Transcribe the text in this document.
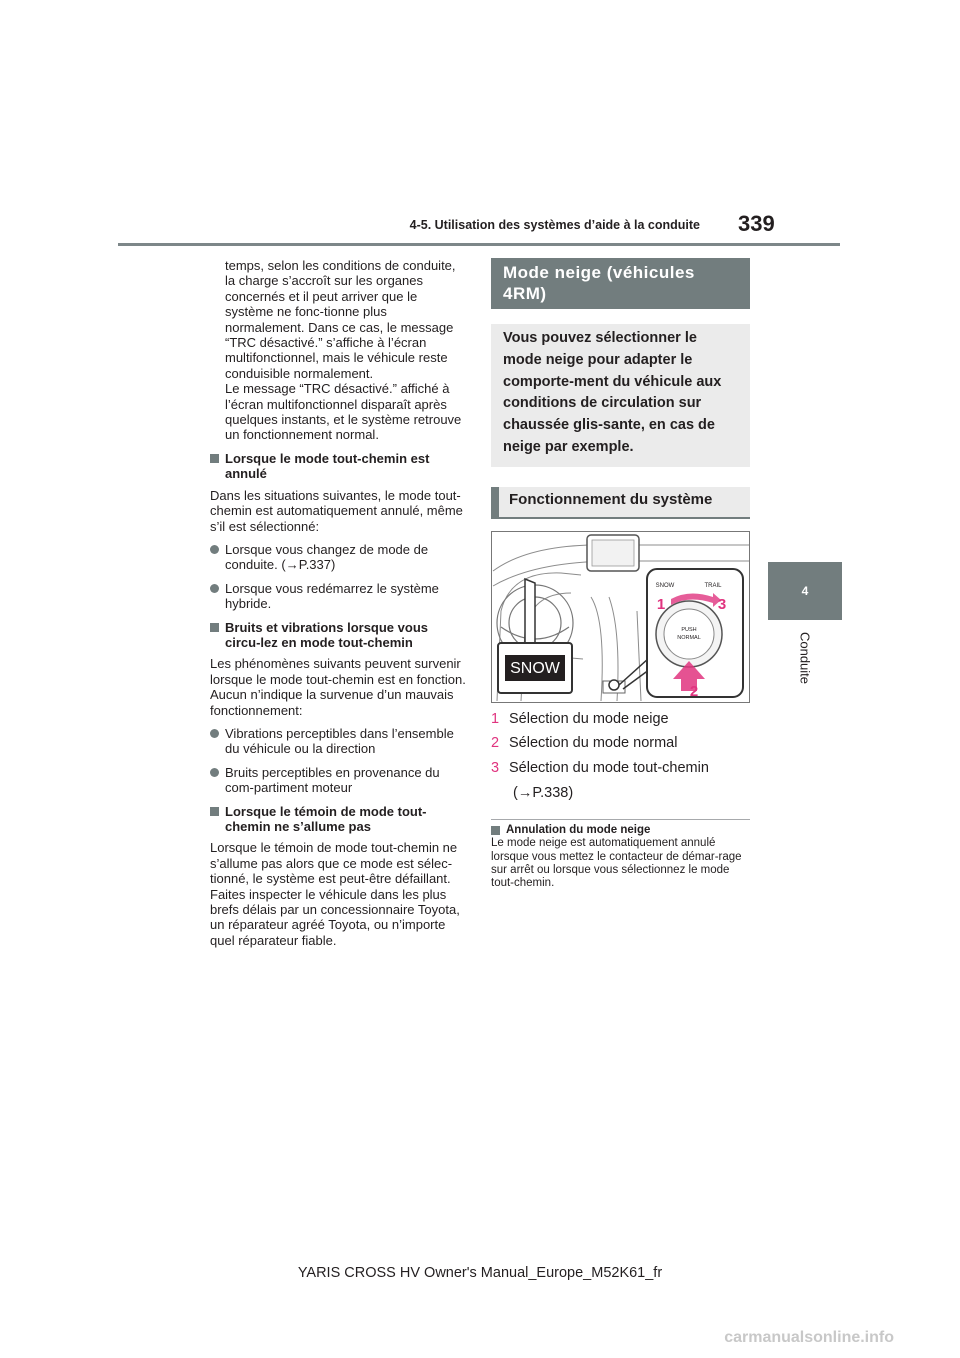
4-5. Utilisation des systèmes d’aide à la conduite 339
4
Conduite
temps, selon les conditions de conduite, la charge s’accroît sur les organes concernés et il peut arriver que le système ne fonc-tionne plus normalement. Dans ce cas, le message “TRC désactivé.” s’affiche à l’écran multifonctionnel, mais le véhicule reste conduisible normalement.
Le message “TRC désactivé.” affiché à l’écran multifonctionnel disparaît après quelques instants, et le système retrouve un fonctionnement normal.
Lorsque le mode tout-chemin est annulé
Dans les situations suivantes, le mode tout-chemin est automatiquement annulé, même s’il est sélectionné:
Lorsque vous changez de mode de conduite. (→P.337)
Lorsque vous redémarrez le système hybride.
Bruits et vibrations lorsque vous circu-lez en mode tout-chemin
Les phénomènes suivants peuvent survenir lorsque le mode tout-chemin est en fonction. Aucun n’indique la survenue d’un mauvais fonctionnement:
Vibrations perceptibles dans l’ensemble du véhicule ou la direction
Bruits perceptibles en provenance du com-partiment moteur
Lorsque le témoin de mode tout-chemin ne s’allume pas
Lorsque le témoin de mode tout-chemin ne s’allume pas alors que ce mode est sélec-tionné, le système est peut-être défaillant. Faites inspecter le véhicule dans les plus brefs délais par un concessionnaire Toyota, un réparateur agréé Toyota, ou n’importe quel réparateur fiable.
Mode neige (véhicules 4RM)
Vous pouvez sélectionner le mode neige pour adapter le comporte-ment du véhicule aux conditions de circulation sur chaussée glis-sante, en cas de neige par exemple.
Fonctionnement du système
SNOW
SNOW	TRAIL
PUSH
NORMAL
1	3
2
1 Sélection du mode neige
2 Sélection du mode normal
3 Sélection du mode tout-chemin
(→P.338)
Annulation du mode neige
Le mode neige est automatiquement annulé lorsque vous mettez le contacteur de démar-rage sur arrêt ou lorsque vous sélectionnez le mode tout-chemin.
YARIS CROSS HV Owner's Manual_Europe_M52K61_fr
carmanualsonline.info
